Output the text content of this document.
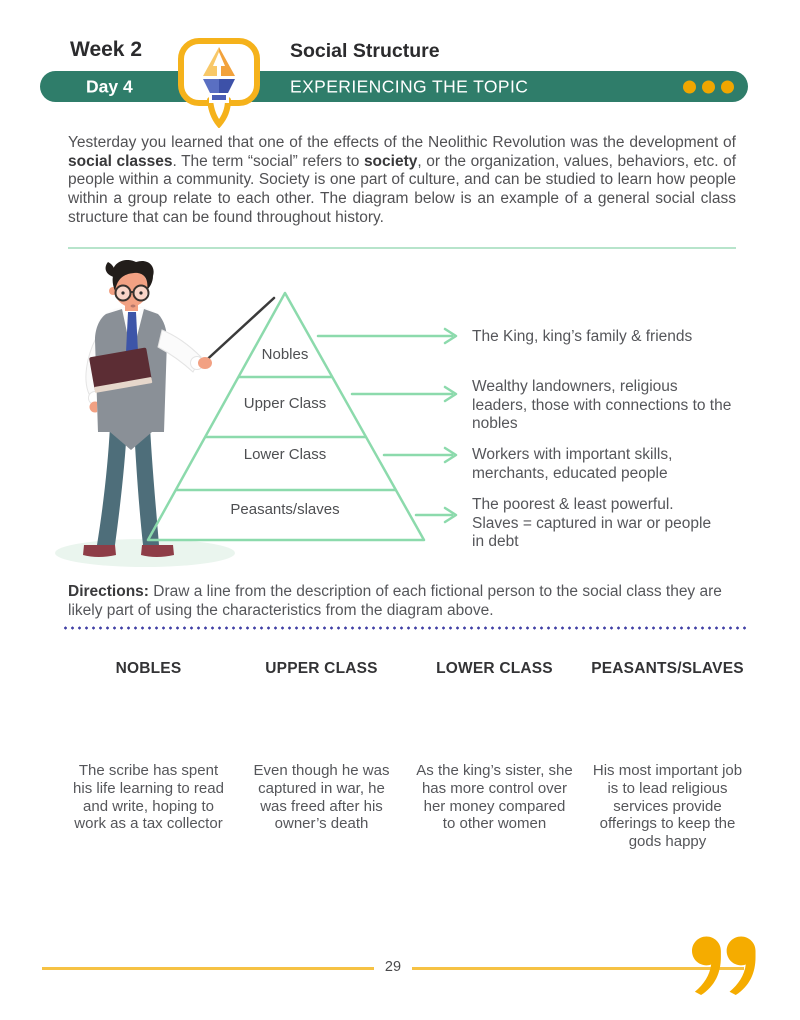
Week 2	Social Structure
Day 4	EXPERIENCING THE TOPIC

Yesterday you learned that one of the effects of the Neolithic Revolution was the development of social classes. The term “social” refers to society, or the organization, values, behaviors, etc. of people within a community. Society is one part of culture, and can be studied to learn how people within a group relate to each other. The diagram below is an example of a general social class structure that can be found throughout history.

Nobles
Upper Class
Lower Class
Peasants/slaves
The King, king’s family & friends
Wealthy landowners, religious leaders, those with connections to the nobles
Workers with important skills, merchants, educated people
The poorest & least powerful. Slaves = captured in war or people in debt

Directions: Draw a line from the description of each fictional person to the social class they are likely part of using the characteristics from the diagram above.

NOBLES
The scribe has spent his life learning to read and write, hoping to work as a tax collector
UPPER CLASS
Even though he was captured in war, he was freed after his owner’s death
LOWER CLASS
As the king’s sister, she has more control over her money compared to other women
PEASANTS/SLAVES
His most important job is to lead religious services provide offerings to keep the gods happy
29
